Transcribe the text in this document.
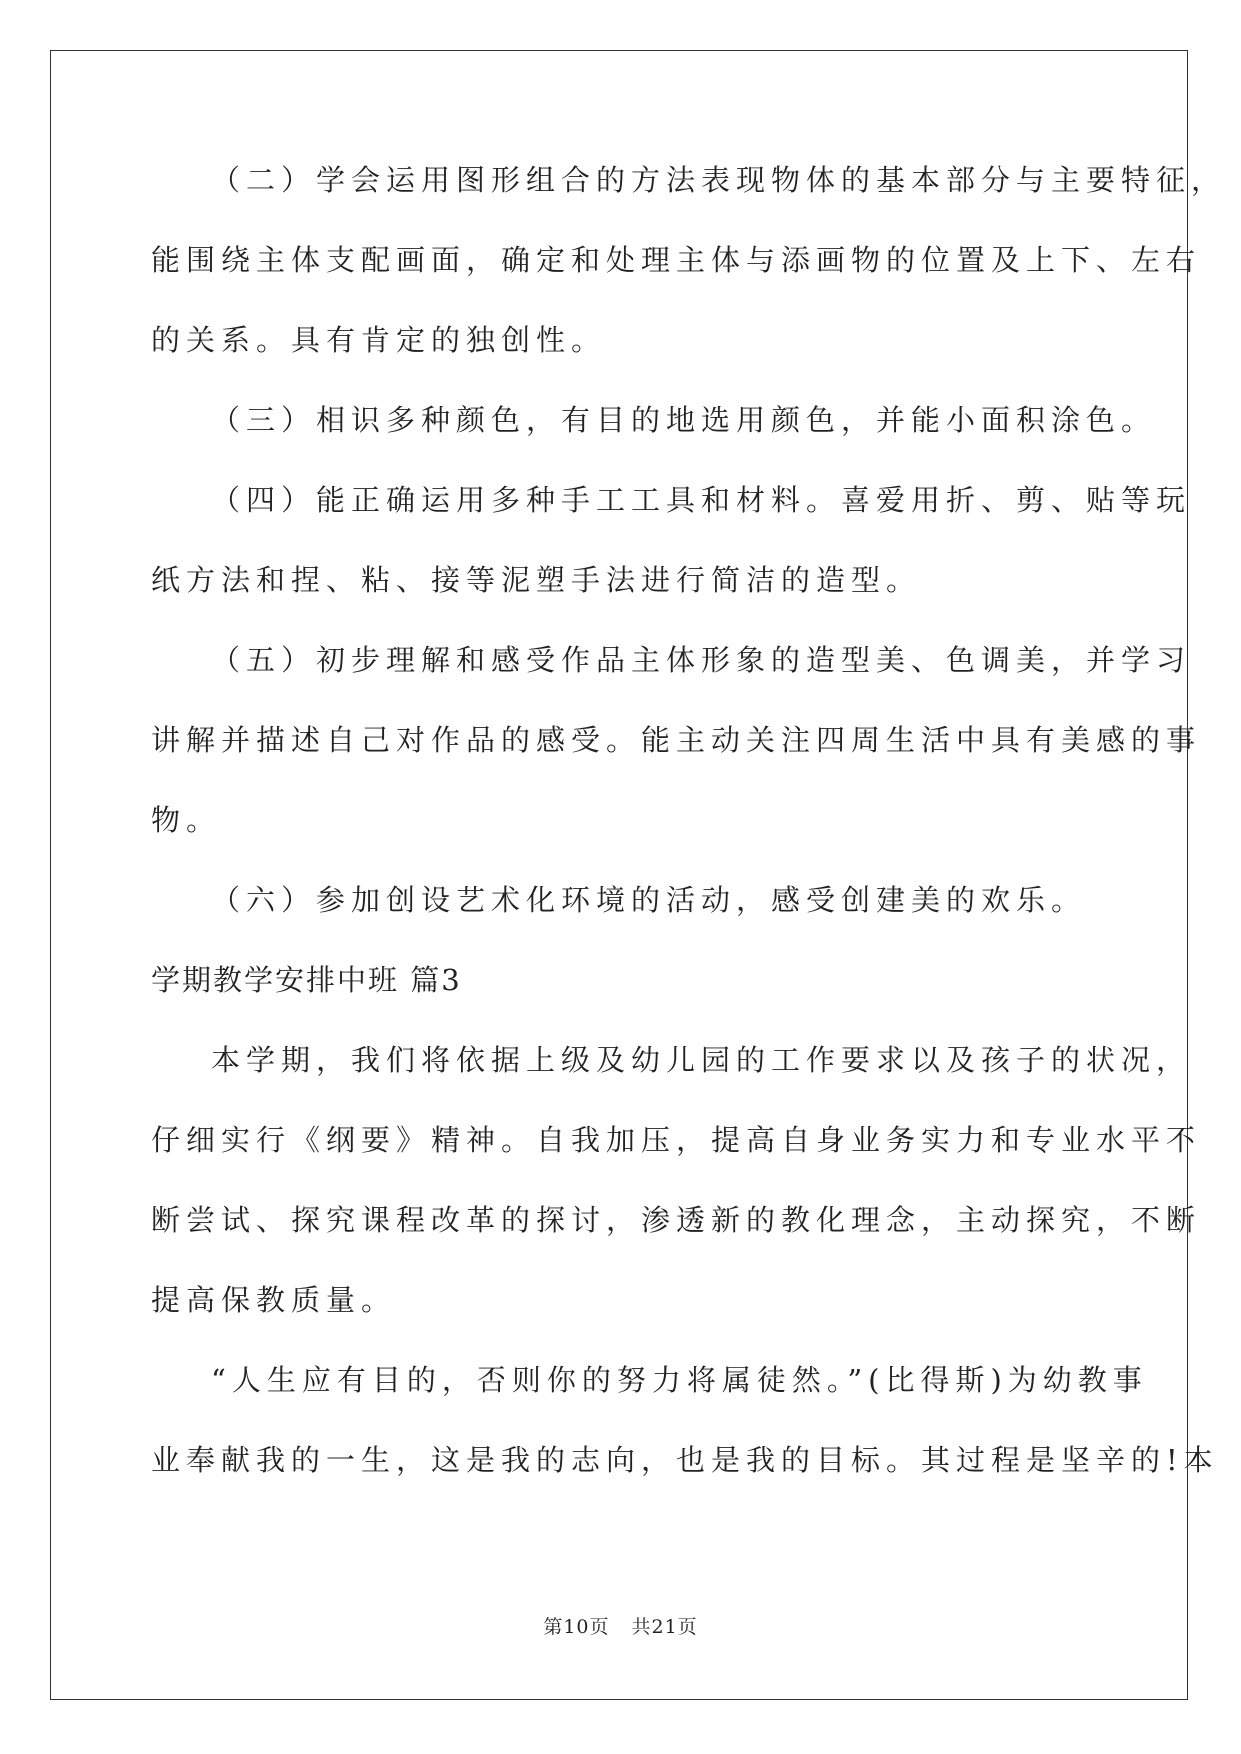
（二）学会运用图形组合的方法表现物体的基本部分与主要特征，
能围绕主体支配画面，确定和处理主体与添画物的位置及上下、左右
的关系。具有肯定的独创性。
（三）相识多种颜色，有目的地选用颜色，并能小面积涂色。
（四）能正确运用多种手工工具和材料。喜爱用折、剪、贴等玩
纸方法和捏、粘、接等泥塑手法进行简洁的造型。
（五）初步理解和感受作品主体形象的造型美、色调美，并学习
讲解并描述自己对作品的感受。能主动关注四周生活中具有美感的事
物。
（六）参加创设艺术化环境的活动，感受创建美的欢乐。
学期教学安排中班 篇3
本学期，我们将依据上级及幼儿园的工作要求以及孩子的状况，
仔细实行《纲要》精神。自我加压，提高自身业务实力和专业水平不
断尝试、探究课程改革的探讨，渗透新的教化理念，主动探究，不断
提高保教质量。
“人生应有目的，否则你的努力将属徒然。”(比得斯)为幼教事
业奉献我的一生，这是我的志向，也是我的目标。其过程是坚辛的!本
第10页 共21页
